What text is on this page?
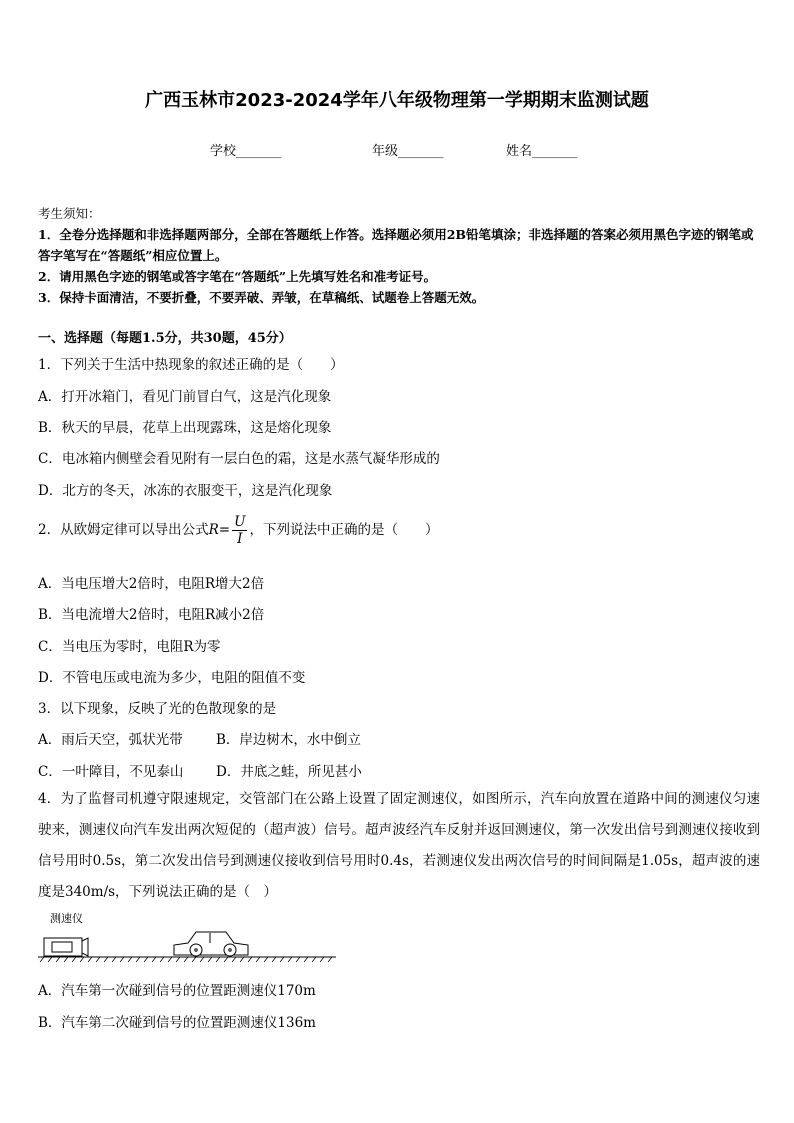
广西玉林市2023-2024学年八年级物理第一学期期末监测试题
学校_______	年级_______	姓名_______
考生须知：
1．全卷分选择题和非选择题两部分，全部在答题纸上作答。选择题必须用2B铅笔填涂；非选择题的答案必须用黑色字迹的钢笔或答字笔写在“答题纸”相应位置上。
2．请用黑色字迹的钢笔或答字笔在“答题纸”上先填写姓名和准考证号。
3．保持卡面清洁，不要折叠，不要弄破、弄皱，在草稿纸、试题卷上答题无效。
一、选择题（每题1.5分，共30题，45分）
1．下列关于生活中热现象的叙述正确的是（　　）
A．打开冰箱门，看见门前冒白气，这是汽化现象
B．秋天的早晨，花草上出现露珠，这是熔化现象
C．电冰箱内侧壁会看见附有一层白色的霜，这是水蒸气凝华形成的
D．北方的冬天，冰冻的衣服变干，这是汽化现象
2．从欧姆定律可以导出公式$R= \frac{U}{I}$ ，下列说法中正确的是（　　）
A．当电压增大2倍时，电阻R增大2倍
B．当电流增大2倍时，电阻R减小2倍
C．当电压为零时，电阻R为零
D．不管电压或电流为多少，电阻的阻值不变
3．以下现象，反映了光的色散现象的是
A．雨后天空，弧状光带 B．岸边树木，水中倒立
C．一叶障目，不见泰山 D．井底之蛙，所见甚小
4．为了监督司机遵守限速规定，交管部门在公路上设置了固定测速仪，如图所示，汽车向放置在道路中间的测速仪匀速驶来，测速仪向汽车发出两次短促的（超声波）信号。超声波经汽车反射并返回测速仪，第一次发出信号到测速仪接收到信号用时0.5s，第二次发出信号到测速仪接收到信号用时0.4s，若测速仪发出两次信号的时间间隔是1.05s，超声波的速度是340m/s，下列说法正确的是（　）
测速仪
A．汽车第一次碰到信号的位置距测速仪170m
B．汽车第二次碰到信号的位置距测速仪136m
